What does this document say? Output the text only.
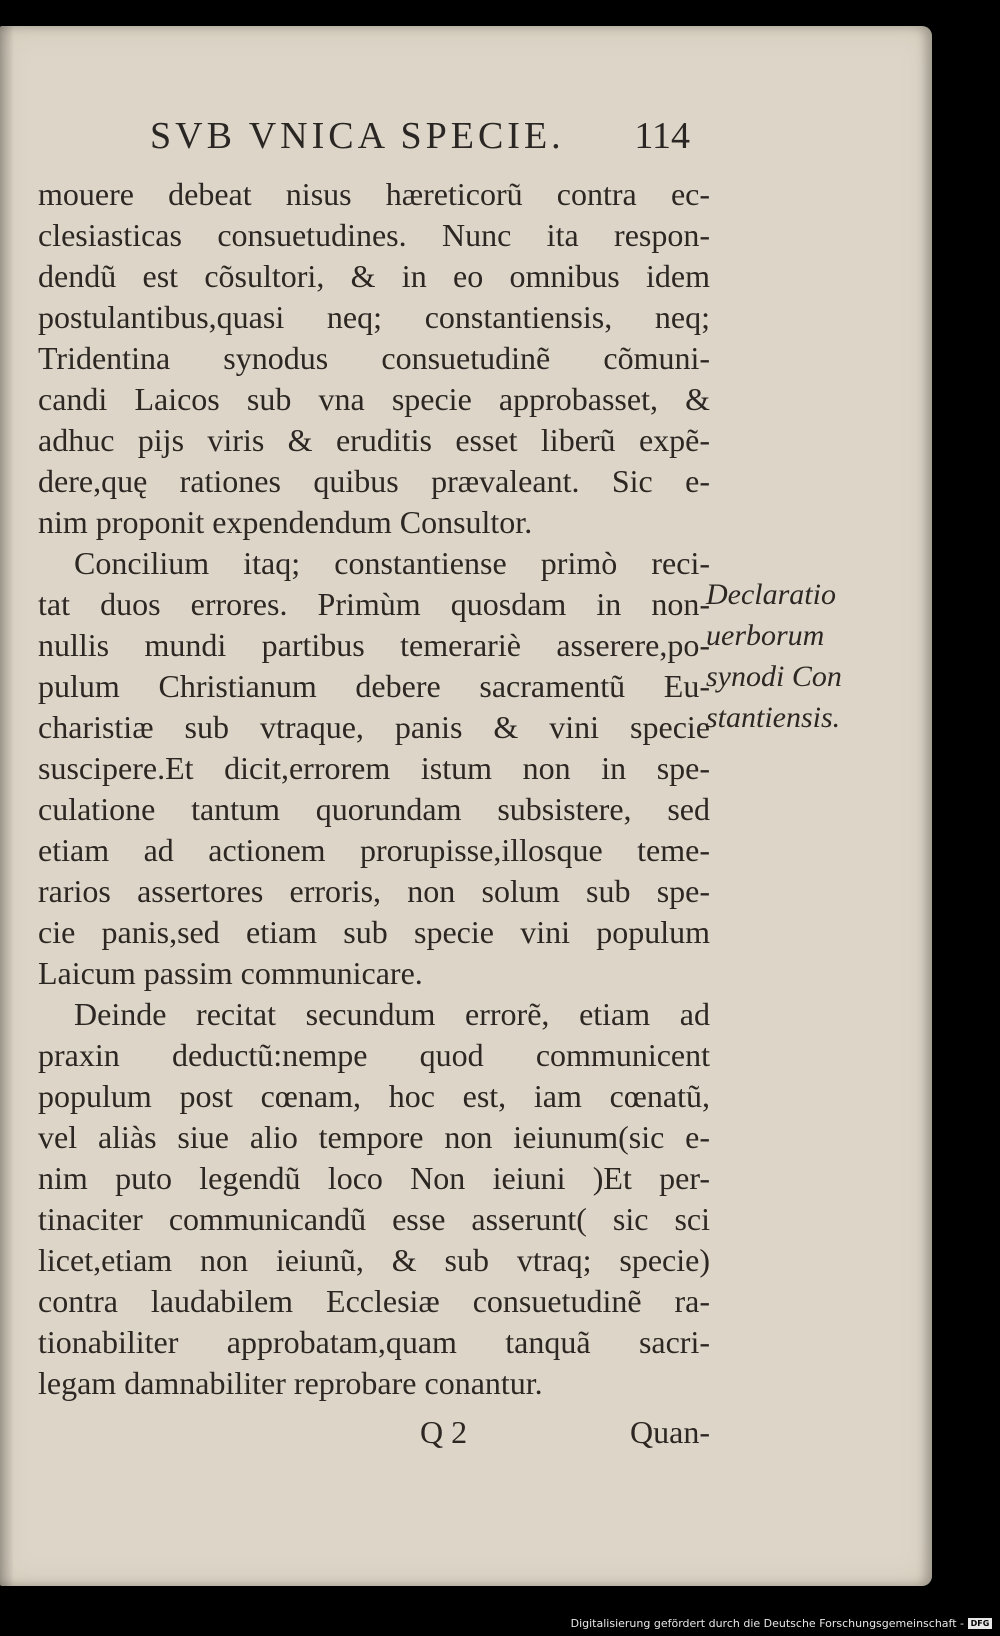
SVB VNICA SPECIE. 114
mouere debeat nisus hæreticorũ contra ec-
clesiasticas consuetudines. Nunc ita respon-
dendũ est cõsultori, & in eo omnibus idem
postulantibus,quasi neq; constantiensis, neq;
Tridentina synodus consuetudinẽ cõmuni-
candi Laicos sub vna specie approbasset, &
adhuc pijs viris & eruditis esset liberũ expẽ-
dere,quę rationes quibus prævaleant. Sic e-
nim proponit expendendum Consultor.
Concilium itaq; constantiense primò reci-
tat duos errores. Primùm quosdam in non-
nullis mundi partibus temerariè asserere,po-
pulum Christianum debere sacramentũ Eu-
charistiæ sub vtraque, panis & vini specie
suscipere.Et dicit,errorem istum non in spe-
culatione tantum quorundam subsistere, sed
etiam ad actionem prorupisse,illosque teme-
rarios assertores erroris, non solum sub spe-
cie panis,sed etiam sub specie vini populum
Laicum passim communicare.
Deinde recitat secundum errorẽ, etiam ad
praxin deductũ:nempe quod communicent
populum post cœnam, hoc est, iam cœnatũ,
vel aliàs siue alio tempore non ieiunum(sic e-
nim puto legendũ loco Non ieiuni )Et per-
tinaciter communicandũ esse asserunt( sic sci
licet,etiam non ieiunũ, & sub vtraq; specie)
contra laudabilem Ecclesiæ consuetudinẽ ra-
tionabiliter approbatam,quam tanquã sacri-
legam damnabiliter reprobare conantur.
Declaratio
uerborum
synodi Con
stantiensis.
Q 2	Quan-
Digitalisierung gefördert durch die Deutsche Forschungsgemeinschaft - DFG
